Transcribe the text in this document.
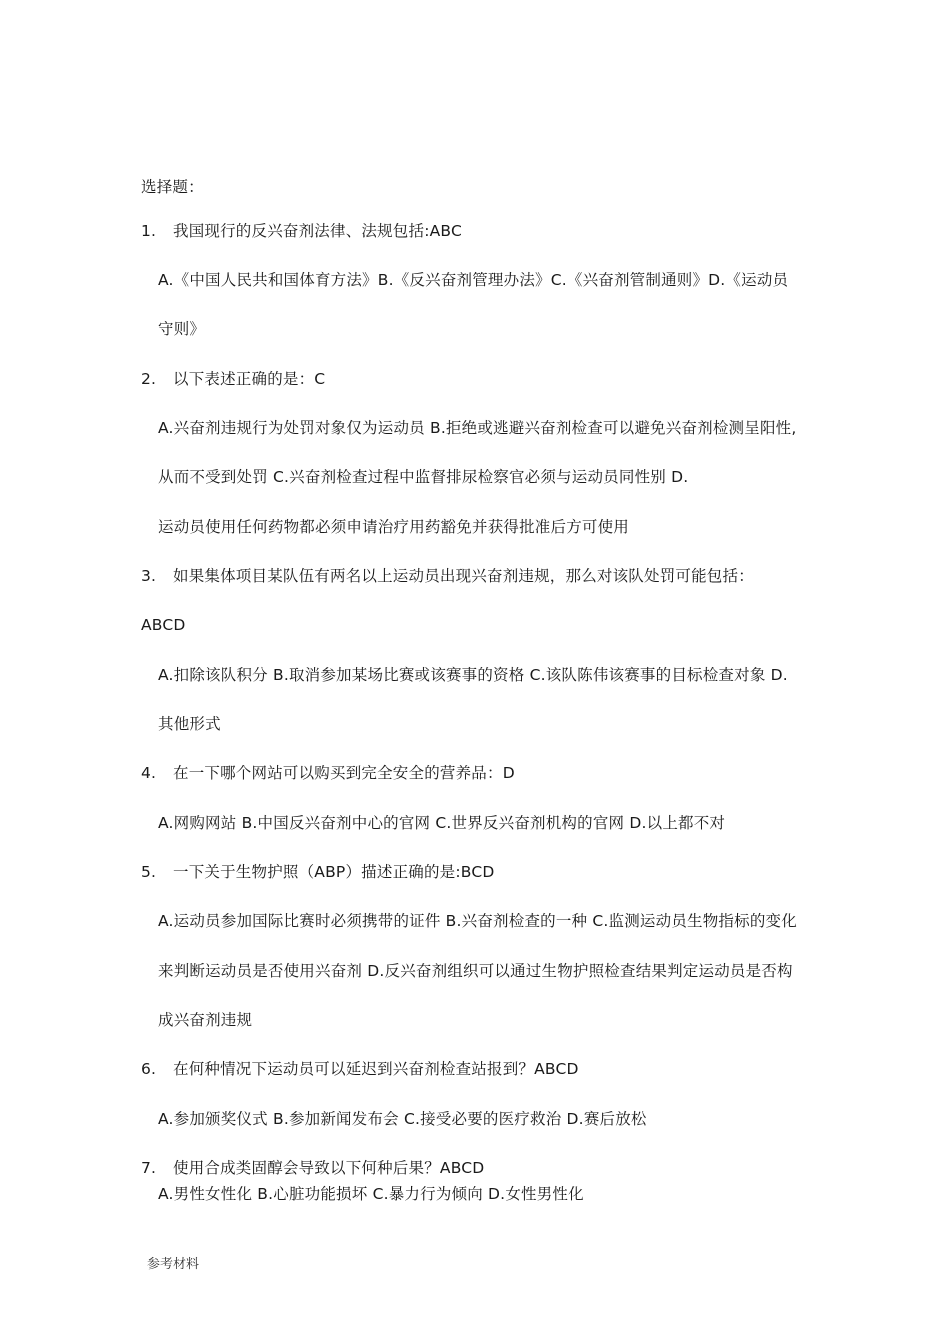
选择题：
1. 我国现行的反兴奋剂法律、法规包括:ABC
A.《中国人民共和国体育方法》B.《反兴奋剂管理办法》C.《兴奋剂管制通则》D.《运动员
守则》
2. 以下表述正确的是：C
A.兴奋剂违规行为处罚对象仅为运动员 B.拒绝或逃避兴奋剂检查可以避免兴奋剂检测呈阳性,
从而不受到处罚 C.兴奋剂检查过程中监督排尿检察官必须与运动员同性别 D.
运动员使用任何药物都必须申请治疗用药豁免并获得批准后方可使用
3. 如果集体项目某队伍有两名以上运动员出现兴奋剂违规，那么对该队处罚可能包括：
ABCD
A.扣除该队积分 B.取消参加某场比赛或该赛事的资格 C.该队陈伟该赛事的目标检查对象 D.
其他形式
4. 在一下哪个网站可以购买到完全安全的营养品：D
A.网购网站 B.中国反兴奋剂中心的官网 C.世界反兴奋剂机构的官网 D.以上都不对
5. 一下关于生物护照（ABP）描述正确的是:BCD
A.运动员参加国际比赛时必须携带的证件 B.兴奋剂检查的一种 C.监测运动员生物指标的变化
来判断运动员是否使用兴奋剂 D.反兴奋剂组织可以通过生物护照检查结果判定运动员是否构
成兴奋剂违规
6. 在何种情况下运动员可以延迟到兴奋剂检查站报到？ABCD
A.参加颁奖仪式 B.参加新闻发布会 C.接受必要的医疗救治 D.赛后放松
7. 使用合成类固醇会导致以下何种后果？ABCD
A.男性女性化 B.心脏功能损坏 C.暴力行为倾向 D.女性男性化
参考材料
